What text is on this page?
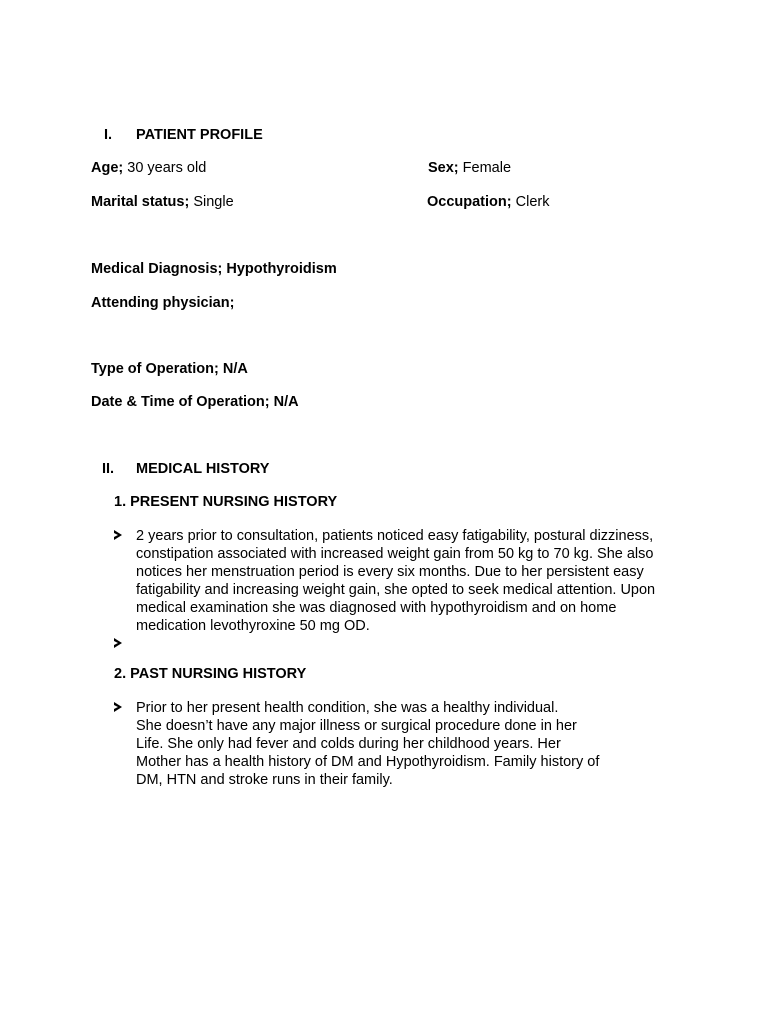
I. PATIENT PROFILE
Age; 30 years old	Sex; Female
Marital status; Single	Occupation; Clerk
Medical Diagnosis; Hypothyroidism
Attending physician;
Type of Operation; N/A
Date & Time of Operation; N/A
II. MEDICAL HISTORY
1. PRESENT NURSING HISTORY
2 years prior to consultation, patients noticed easy fatigability, postural dizziness,
constipation associated with increased weight gain from 50 kg to 70 kg. She also
notices her menstruation period is every six months. Due to her persistent easy
fatigability and increasing weight gain, she opted to seek medical attention. Upon
medical examination she was diagnosed with hypothyroidism and on home
medication levothyroxine 50 mg OD.
2. PAST NURSING HISTORY
Prior to her present health condition, she was a healthy individual.
She doesn’t have any major illness or surgical procedure done in her
Life. She only had fever and colds during her childhood years. Her
Mother has a health history of DM and Hypothyroidism. Family history of
DM, HTN and stroke runs in their family.
